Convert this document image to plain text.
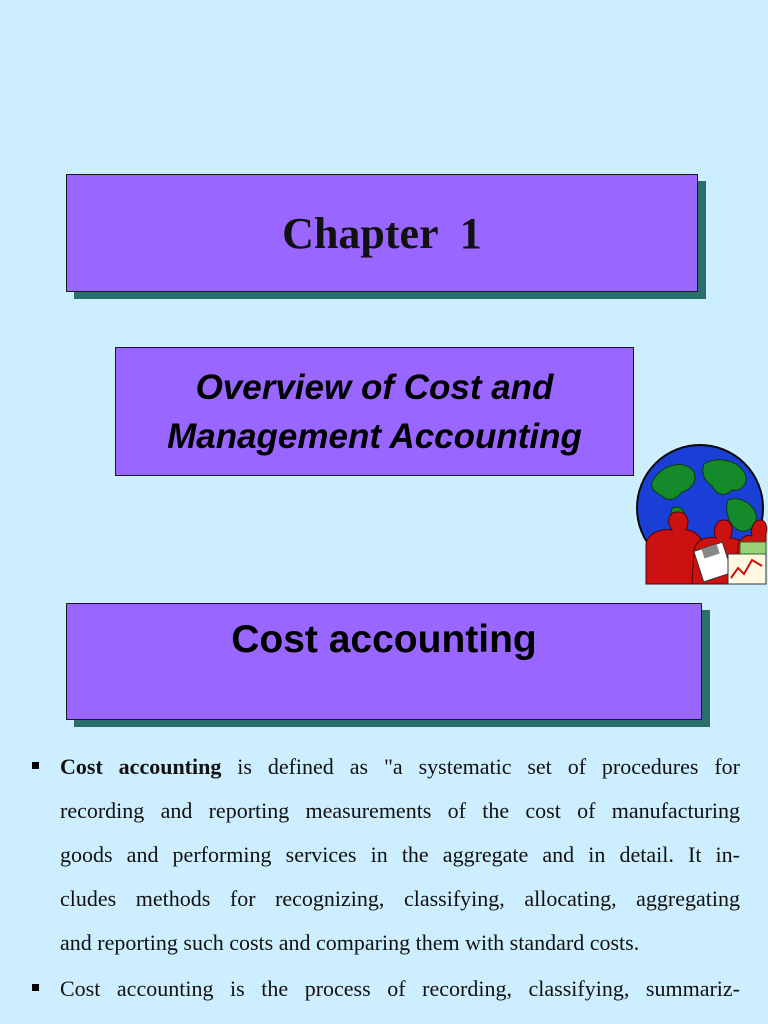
Chapter  1
Overview of Cost and
Management Accounting
Cost accounting

Cost accounting is defined as "a systematic set of procedures for
recording and reporting measurements of the cost of manufacturing
goods and performing services in the aggregate and in detail. It in-
cludes methods for recognizing, classifying, allocating, aggregating
and reporting such costs and comparing them with standard costs.

Cost accounting is the process of recording, classifying, summariz-
